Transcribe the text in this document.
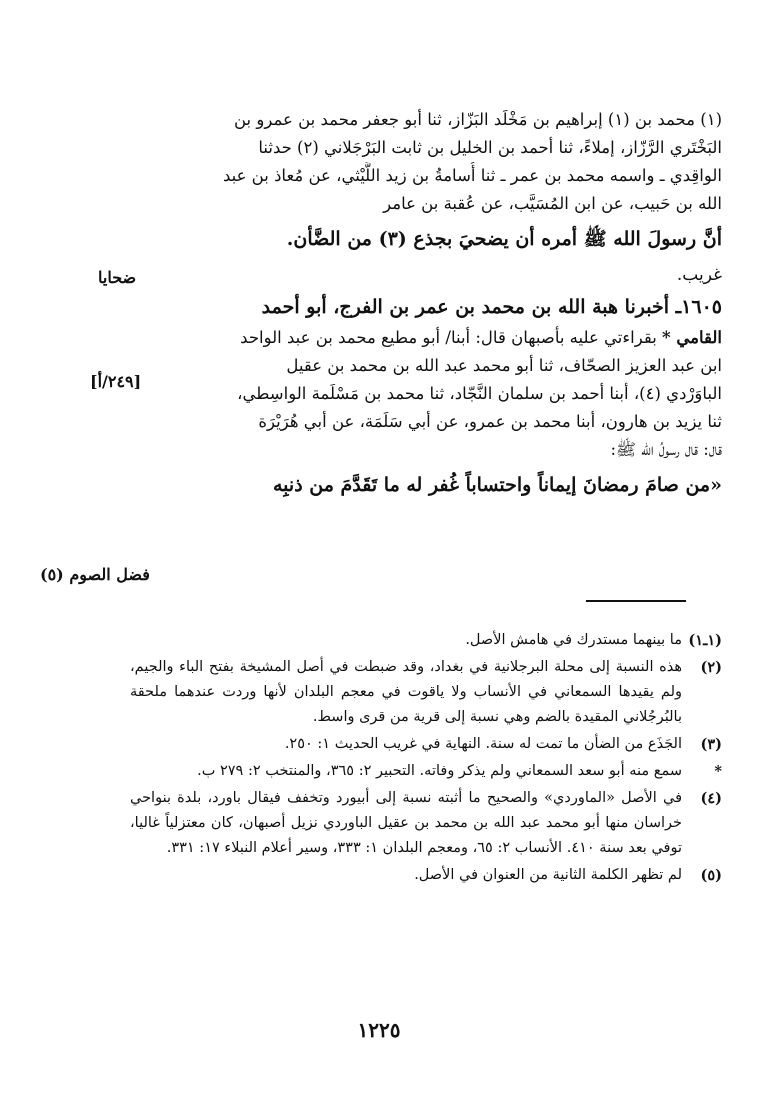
(١) محمد بن (١) إبراهيم بن مَخْلَد البَزّاز، ثنا أبو جعفر محمد بن عمرو بن
البَخْتَري الرَّزّاز، إملاءً، ثنا أحمد بن الخليل بن ثابت البَرْجَلاني (٢) حدثنا
الواقِدي ـ واسمه محمد بن عمر ـ ثنا أُسامةُ بن زيد اللَّيْثي، عن مُعاذ بن عبد
الله بن حَبيب، عن ابن المُسَيَّب، عن عُقبة بن عامر
أنَّ رسولَ الله ﷺ أمره أن يضحيَ بجذع (٣) من الضَّأن.
غريب.
١٦٠٥ـ أخبرنا هبة الله بن محمد بن عمر بن الفرج، أبو أحمد
القامي * بقراءتي عليه بأصبهان قال: أبنا/ أبو مطيع محمد بن عبد الواحد
ابن عبد العزيز الصحّاف، ثنا أبو محمد عبد الله بن محمد بن عقيل
الباوَرْدي (٤)، أبنا أحمد بن سلمان النَّجّاد، ثنا محمد بن مَسْلَمة الواسِطي،
ثنا يزيد بن هارون، أبنا محمد بن عمرو، عن أبي سَلَمَة، عن أبي هُرَيْرَة
قال: قال رسولُ الله ﷺ:
«من صامَ رمضانَ إيماناً واحتساباً غُفر له ما تَقَدَّمَ من ذنبِه
ضحايا
[٢٤٩/أ]
فضل الصوم (٥)
(١ـ١)
ما بينهما مستدرك في هامش الأصل.
(٢)
هذه النسبة إلى محلة البرجلانية في بغداد، وقد ضبطت في أصل المشيخة بفتح الباء والجيم، ولم يقيدها السمعاني في الأنساب ولا ياقوت في معجم البلدان لأنها وردت عندهما ملحقة بالبُرجُلاني المقيدة بالضم وهي نسبة إلى قرية من قرى واسط.
(٣)
الجَذَع من الضأن ما تمت له سنة. النهاية في غريب الحديث ١: ٢٥٠.
*
سمع منه أبو سعد السمعاني ولم يذكر وفاته. التحبير ٢: ٣٦٥، والمنتخب ٢: ٢٧٩ ب.
(٤)
في الأصل «الماوردي» والصحيح ما أثبته نسبة إلى أبيورد وتخفف فيقال باورد، بلدة بنواحي خراسان منها أبو محمد عبد الله بن محمد بن عقيل الباوردي نزيل أصبهان، كان معتزلياً غاليا، توفي بعد سنة ٤١٠. الأنساب ٢: ٦٥، ومعجم البلدان ١: ٣٣٣، وسير أعلام النبلاء ١٧: ٣٣١.
(٥)
لم تظهر الكلمة الثانية من العنوان في الأصل.
١٢٢٥
